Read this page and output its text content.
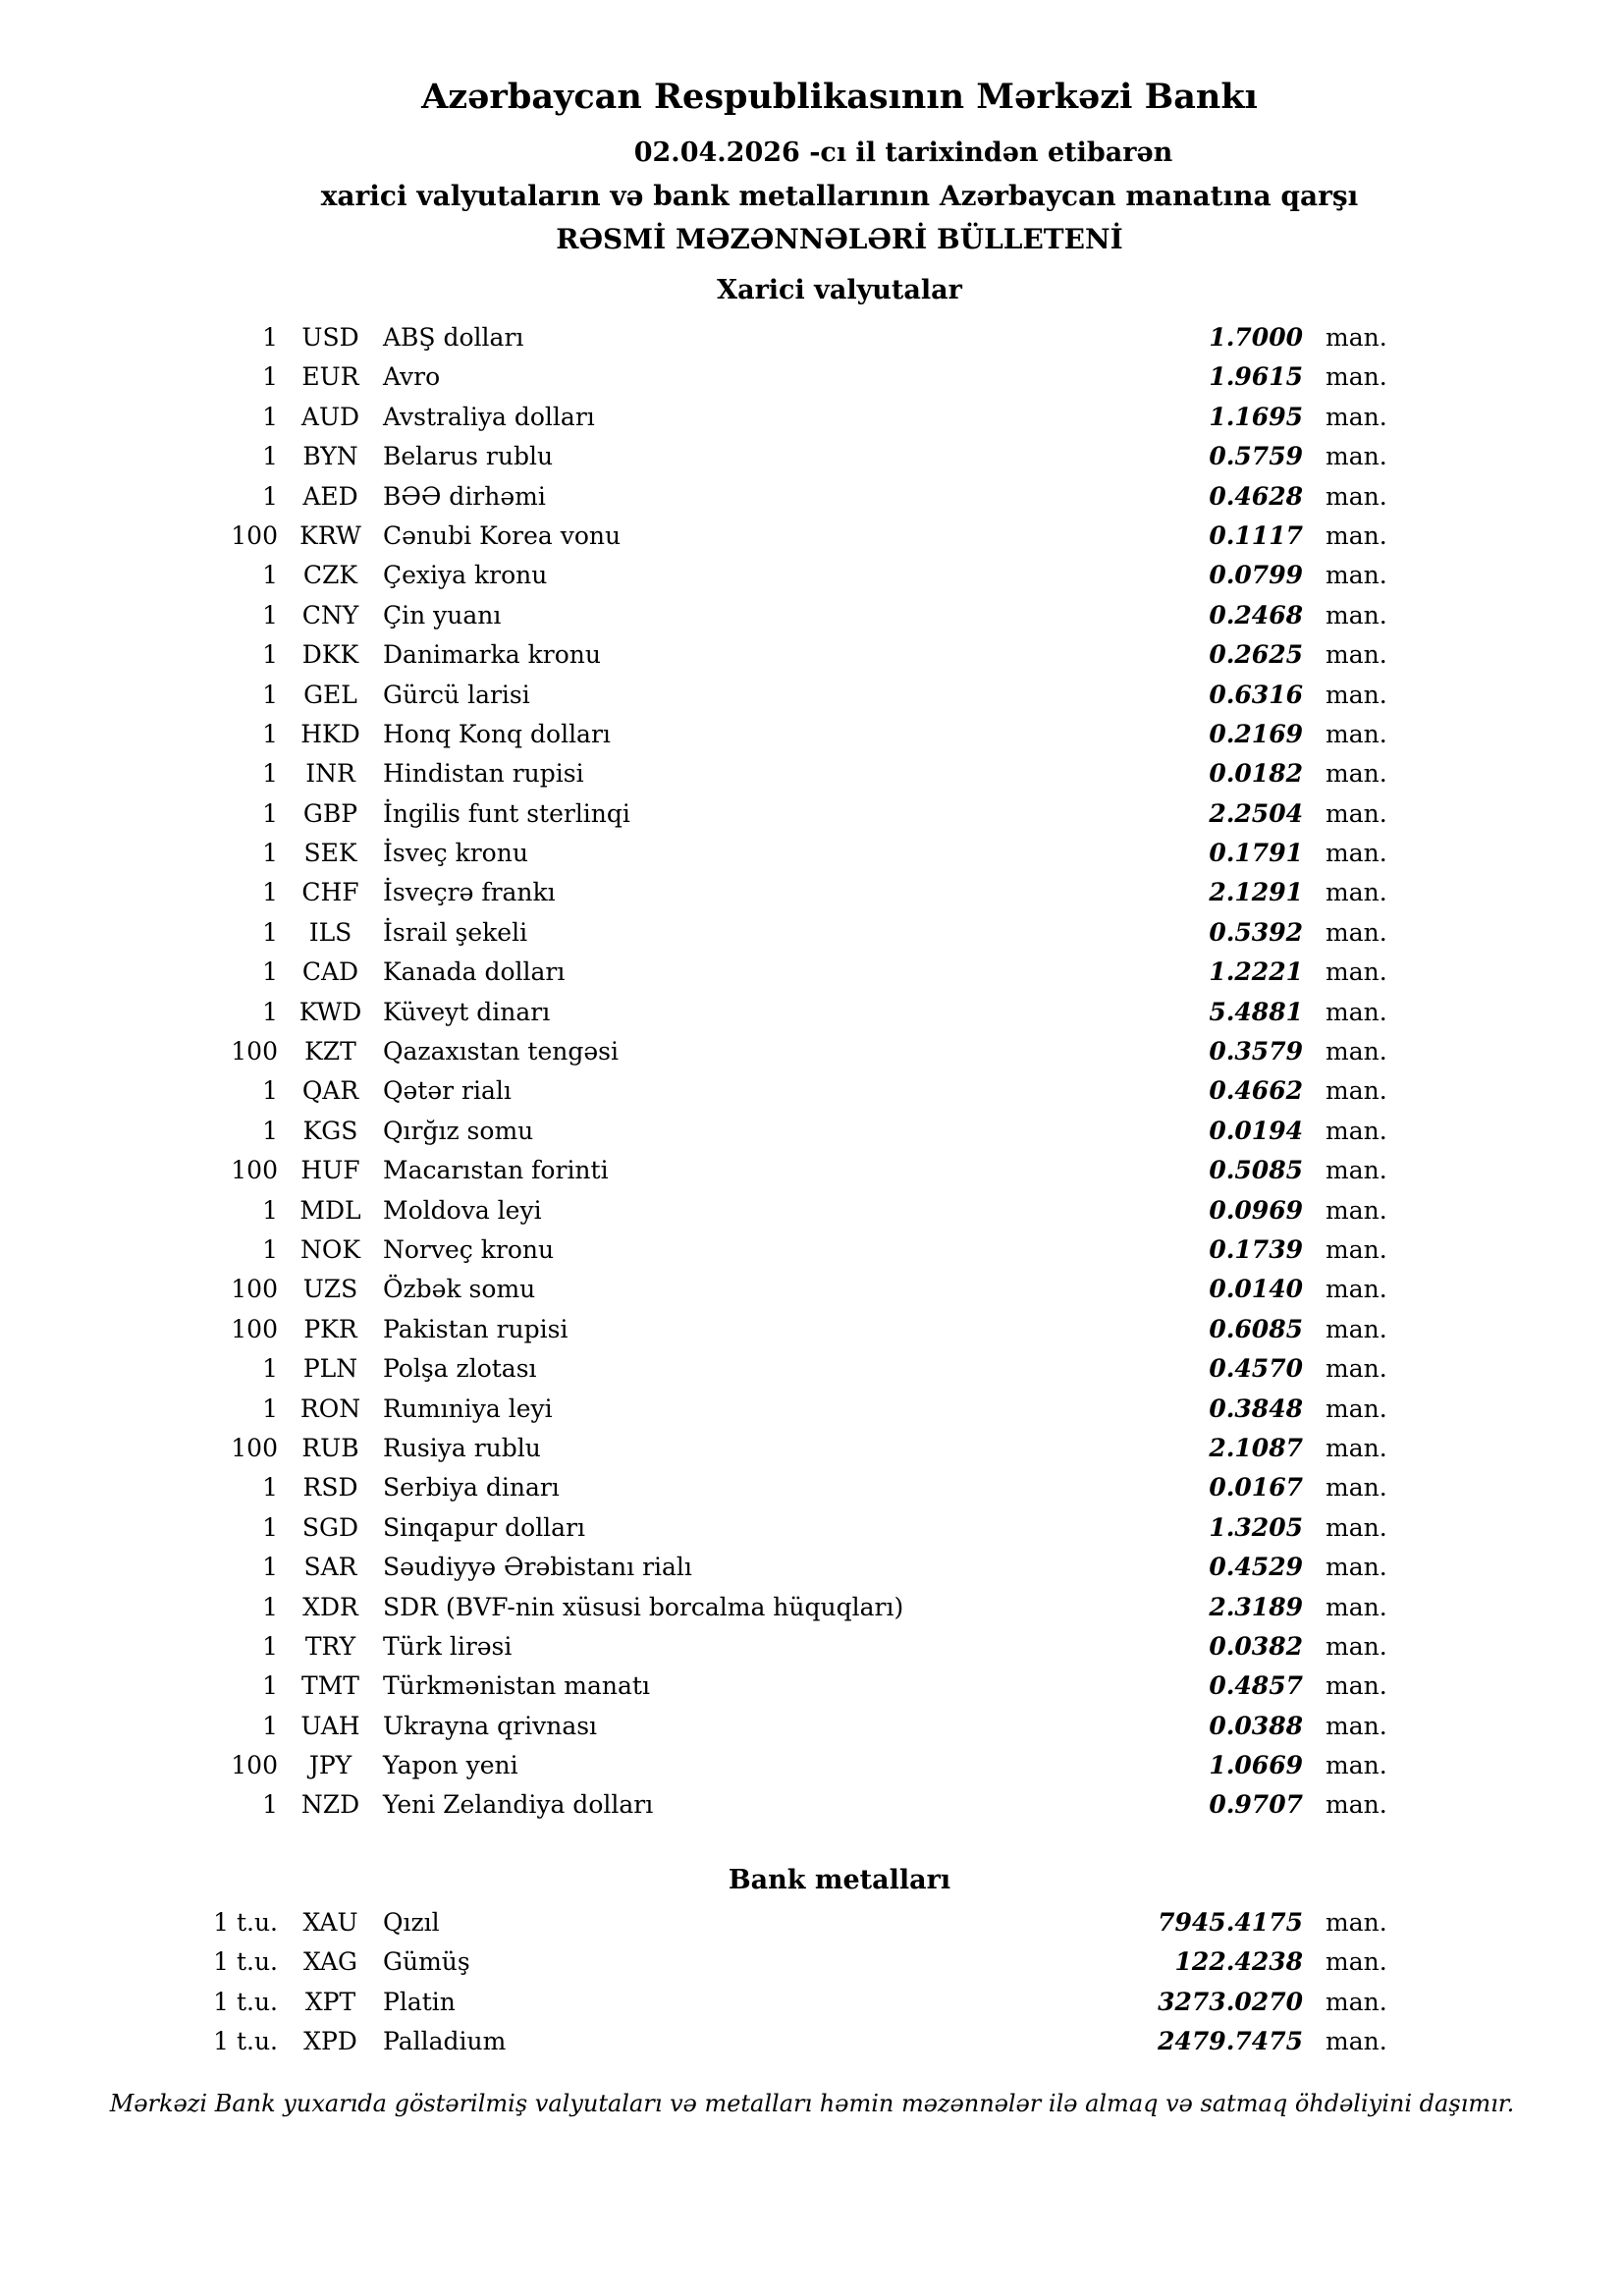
Azərbaycan Respublikasının Mərkəzi Bankı
02.04.2026 -cı il tarixindən etibarən
xarici valyutaların və bank metallarının Azərbaycan manatına qarşı
RƏSMİ MƏZƏNNƏLƏRİ BÜLLETENİ
Xarici valyutalar
1 USD ABŞ dolları	1.7000 man.
1 EUR Avro	1.9615 man.
1 AUD Avstraliya dolları	1.1695 man.
1	BYN	Belarus rublu	0.5759 man.
1	AED	BƏƏ dirhəmi	0.4628 man.
100 KRW Cənubi Korea vonu	0.1117 man.
1	CZK	Çexiya kronu	0.0799 man.
1 CNY Çin yuanı	0.2468 man.
1 DKK Danimarka kronu	0.2625 man.
1	GEL	Gürcü larisi	0.6316 man.
1 HKD Honq Konq dolları	0.2169 man.
1	INR	Hindistan rupisi	0.0182 man.
1	GBP	İngilis funt sterlinqi	2.2504 man.
1	SEK	İsveç kronu	0.1791 man.
1 CHF İsveçrə frankı	2.1291 man.
1	ILS	İsrail şekeli	0.5392 man.
1 CAD Kanada dolları	1.2221 man.
1 KWD Küveyt dinarı	5.4881 man.
100	KZT	Qazaxıstan tengəsi	0.3579 man.
1 QAR Qətər rialı	0.4662 man.
1	KGS	Qırğız somu	0.0194 man.
100 HUF Macarıstan forinti	0.5085 man.
1 MDL Moldova leyi	0.0969 man.
1 NOK Norveç kronu	0.1739 man.
100	UZS	Özbək somu	0.0140 man.
100	PKR	Pakistan rupisi	0.6085 man.
1	PLN	Polşa zlotası	0.4570 man.
1 RON Rumıniya leyi	0.3848 man.
100 RUB Rusiya rublu	2.1087 man.
1	RSD	Serbiya dinarı	0.0167 man.
1 SGD Sinqapur dolları	1.3205 man.
1	SAR	Səudiyyə Ərəbistanı rialı	0.4529 man.
1	XDR	SDR (BVF-nin xüsusi borcalma hüquqları)	2.3189 man.
1	TRY	Türk lirəsi	0.0382 man.
1 TMT Türkmənistan manatı	0.4857 man.
1 UAH Ukrayna qrivnası	0.0388 man.
100	JPY	Yapon yeni	1.0669 man.
1 NZD Yeni Zelandiya dolları	0.9707 man.
Bank metalları
1 t.u.	XAU	Qızıl	7945.4175 man.
1 t.u.	XAG	Gümüş	122.4238 man.
1 t.u.	XPT	Platin	3273.0270 man.
1 t.u.	XPD	Palladium	2479.7475 man.
Mərkəzi Bank yuxarıda göstərilmiş valyutaları və metalları həmin məzənnələr ilə almaq və satmaq öhdəliyini daşımır.
